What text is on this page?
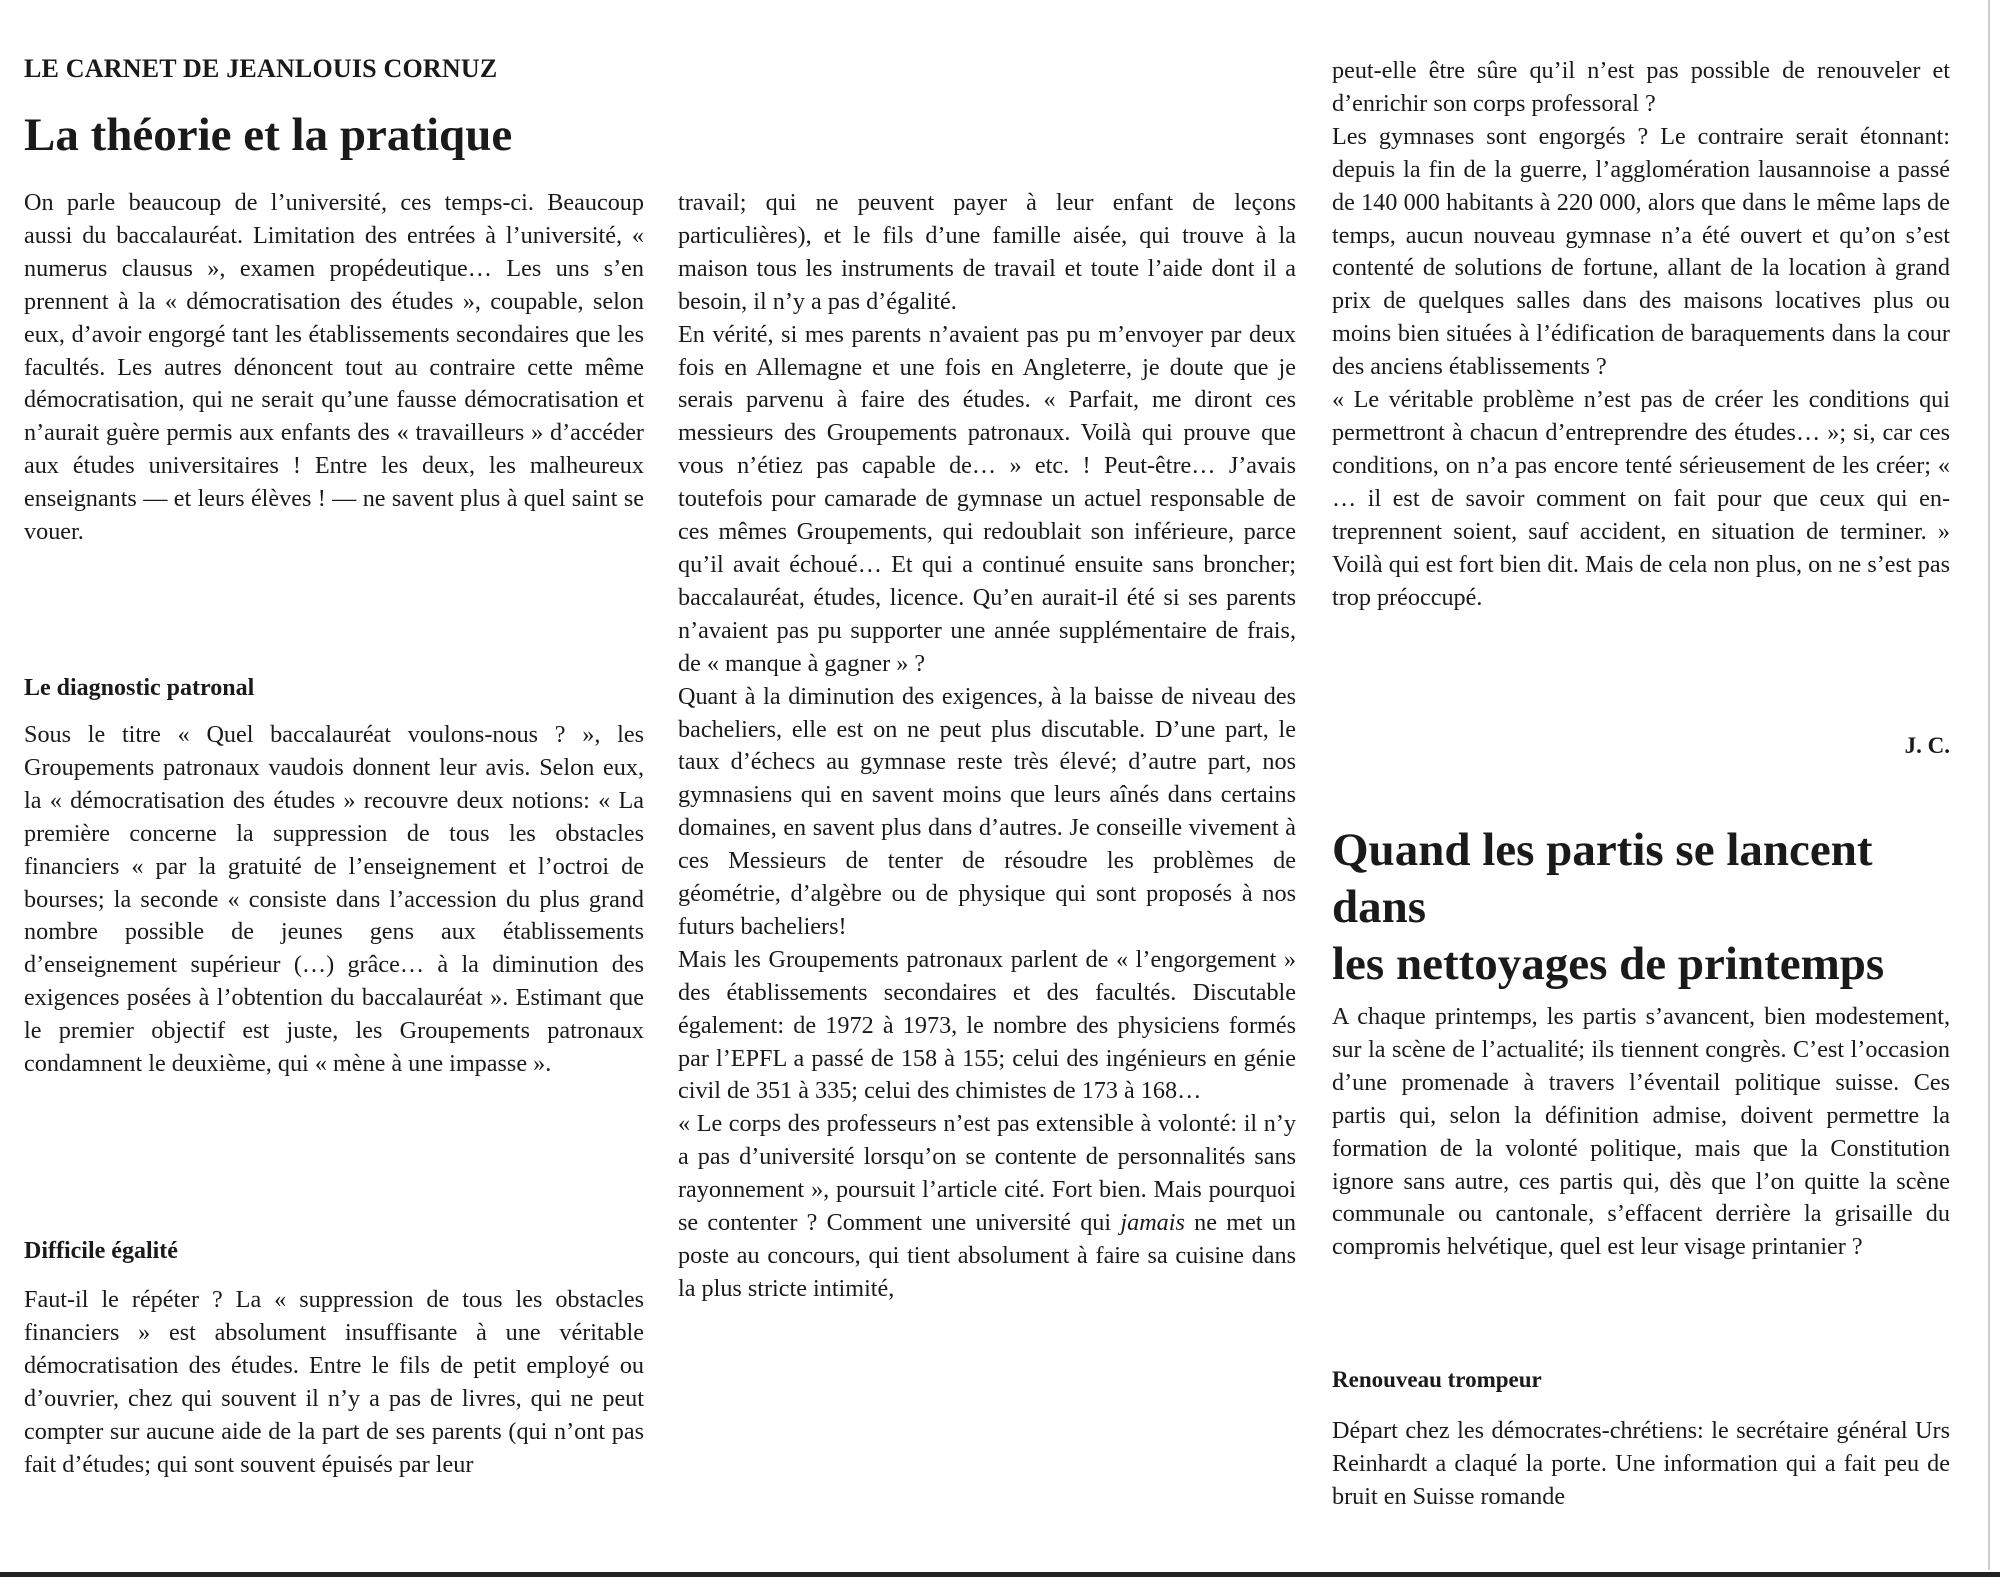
LE CARNET DE JEANLOUIS CORNUZ
La théorie et la pratique

On parle beaucoup de l’université, ces temps-ci. Beaucoup aussi du baccalauréat. Limitation des entrées à l’université, « numerus clausus », examen propédeutique… Les uns s’en prennent à la « démocratisation des études », coupable, selon eux, d’avoir engorgé tant les établissements secondaires que les facultés. Les autres dénoncent tout au contraire cette même démocratisation, qui ne serait qu’une fausse démocratisation et n’aurait guère permis aux enfants des « travailleurs » d’accéder aux études universitaires ! Entre les deux, les malheureux enseignants — et leurs élèves ! — ne savent plus à quel saint se vouer.

Le diagnostic patronal

Sous le titre « Quel baccalauréat voulons-nous ? », les Groupements patronaux vaudois donnent leur avis. Selon eux, la « démocratisation des études » recouvre deux notions: « La première concerne la suppression de tous les obstacles financiers « par la gratuité de l’enseignement et l’octroi de bourses; la seconde « consiste dans l’accession du plus grand nombre possible de jeunes gens aux établissements d’enseignement supérieur (…) grâce… à la diminution des exigences posées à l’obtention du baccalauréat ». Estimant que le premier objectif est juste, les Groupements patronaux condamnent le deuxième, qui « mène à une impasse ».

Difficile égalité

Faut-il le répéter ? La « suppression de tous les obstacles financiers » est absolument insuffisante à une véritable démocratisation des études. Entre le fils de petit employé ou d’ouvrier, chez qui souvent il n’y a pas de livres, qui ne peut compter sur aucune aide de la part de ses parents (qui n’ont pas fait d’études; qui sont souvent épuisés par leur

travail; qui ne peuvent payer à leur enfant de leçons particulières), et le fils d’une famille aisée, qui trouve à la maison tous les instruments de travail et toute l’aide dont il a besoin, il n’y a pas d’égalité.

En vérité, si mes parents n’avaient pas pu m’envoyer par deux fois en Allemagne et une fois en Angleterre, je doute que je serais parvenu à faire des études. « Parfait, me diront ces messieurs des Groupements patronaux. Voilà qui prouve que vous n’étiez pas capable de… » etc. ! Peut-être… J’avais toutefois pour camarade de gymnase un actuel responsable de ces mêmes Groupements, qui redoublait son inférieure, parce qu’il avait échoué… Et qui a continué ensuite sans broncher; baccalauréat, études, licence. Qu’en aurait-il été si ses parents n’avaient pas pu supporter une année supplémentaire de frais, de « manque à gagner » ?

Quant à la diminution des exigences, à la baisse de niveau des bacheliers, elle est on ne peut plus discutable. D’une part, le taux d’échecs au gymnase reste très élevé; d’autre part, nos gymnasiens qui en savent moins que leurs aînés dans certains domaines, en savent plus dans d’autres. Je conseille vivement à ces Messieurs de tenter de résoudre les problèmes de géométrie, d’algèbre ou de physique qui sont proposés à nos futurs bacheliers!

Mais les Groupements patronaux parlent de « l’engorgement » des établissements secondaires et des facultés. Discutable également: de 1972 à 1973, le nombre des physiciens formés par l’EPFL a passé de 158 à 155; celui des ingénieurs en génie civil de 351 à 335; celui des chimistes de 173 à 168…

« Le corps des professeurs n’est pas extensible à volonté: il n’y a pas d’université lorsqu’on se contente de personnalités sans rayonnement », poursuit l’article cité. Fort bien. Mais pourquoi se contenter ? Comment une université qui jamais ne met un poste au concours, qui tient absolument à faire sa cuisine dans la plus stricte intimité,

peut-elle être sûre qu’il n’est pas possible de renouveler et d’enrichir son corps professoral ?

Les gymnases sont engorgés ? Le contraire serait étonnant: depuis la fin de la guerre, l’agglomération lausannoise a passé de 140 000 habitants à 220 000, alors que dans le même laps de temps, aucun nouveau gymnase n’a été ouvert et qu’on s’est contenté de solutions de fortune, allant de la location à grand prix de quelques salles dans des maisons locatives plus ou moins bien situées à l’édification de baraquements dans la cour des anciens établissements ?

« Le véritable problème n’est pas de créer les conditions qui permettront à chacun d’entreprendre des études… »; si, car ces conditions, on n’a pas encore tenté sérieusement de les créer; « … il est de savoir comment on fait pour que ceux qui entreprennent soient, sauf accident, en situation de terminer. » Voilà qui est fort bien dit. Mais de cela non plus, on ne s’est pas trop préoccupé.

J. C.
Quand les partis se lancent
dans
les nettoyages de printemps

A chaque printemps, les partis s’avancent, bien modestement, sur la scène de l’actualité; ils tiennent congrès. C’est l’occasion d’une promenade à travers l’éventail politique suisse. Ces partis qui, selon la définition admise, doivent permettre la formation de la volonté politique, mais que la Constitution ignore sans autre, ces partis qui, dès que l’on quitte la scène communale ou cantonale, s’effacent derrière la grisaille du compromis helvétique, quel est leur visage printanier ?

Renouveau trompeur

Départ chez les démocrates-chrétiens: le secrétaire général Urs Reinhardt a claqué la porte. Une information qui a fait peu de bruit en Suisse romande
